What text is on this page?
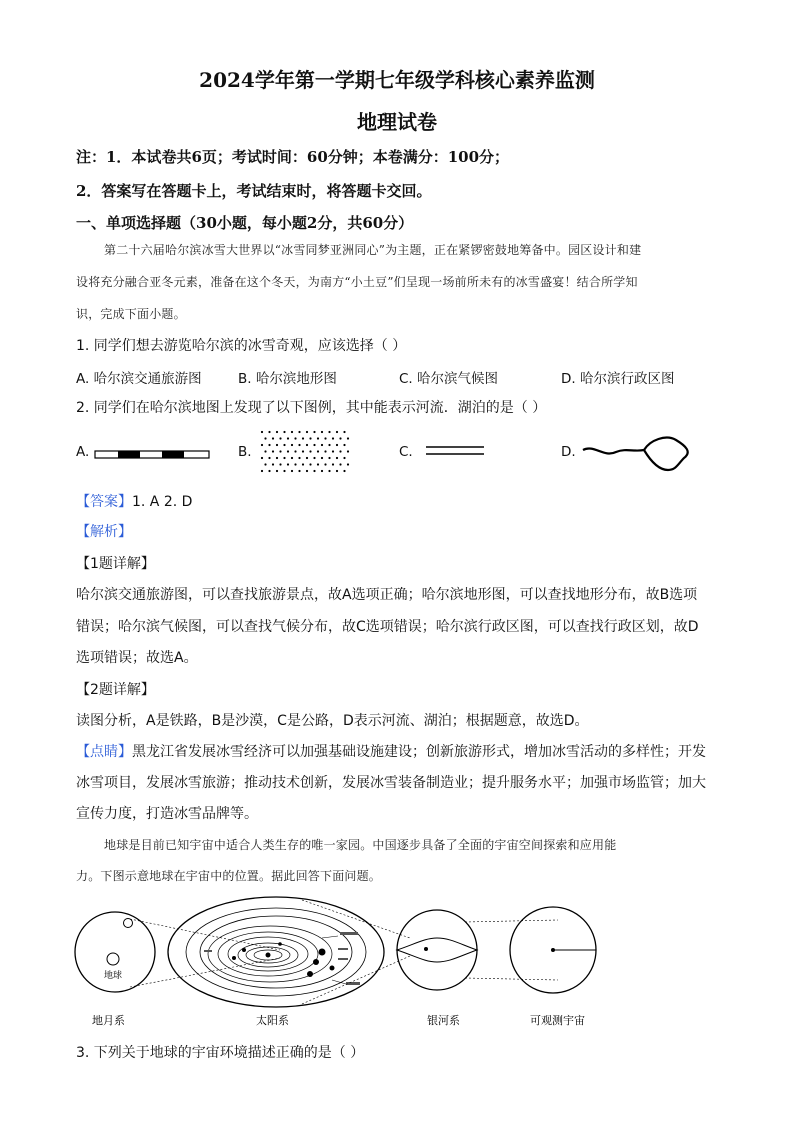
2024学年第一学期七年级学科核心素养监测
地理试卷
注：1．本试卷共6页；考试时间：60分钟；本卷满分：100分；
2．答案写在答题卡上，考试结束时，将答题卡交回。
一、单项选择题（30小题，每小题2分，共60分）
第二十六届哈尔滨冰雪大世界以“冰雪同梦亚洲同心”为主题，正在紧锣密鼓地筹备中。园区设计和建
设将充分融合亚冬元素，准备在这个冬天，为南方“小土豆”们呈现一场前所未有的冰雪盛宴！结合所学知
识，完成下面小题。
1. 同学们想去游览哈尔滨的冰雪奇观，应该选择（ ）
A. 哈尔滨交通旅游图	B. 哈尔滨地形图	C. 哈尔滨气候图	D. 哈尔滨行政区图
2. 同学们在哈尔滨地图上发现了以下图例，其中能表示河流．湖泊的是（ ）
A.	B.	C.	D.
【答案】1. A 2. D
【解析】
【1题详解】
哈尔滨交通旅游图，可以查找旅游景点，故A选项正确；哈尔滨地形图，可以查找地形分布，故B选项
错误；哈尔滨气候图，可以查找气候分布，故C选项错误；哈尔滨行政区图，可以查找行政区划，故D
选项错误；故选A。
【2题详解】
读图分析，A是铁路，B是沙漠，C是公路，D表示河流、湖泊；根据题意，故选D。
【点睛】黑龙江省发展冰雪经济可以加强基础设施建设；创新旅游形式，增加冰雪活动的多样性；开发
冰雪项目，发展冰雪旅游；推动技术创新，发展冰雪装备制造业；提升服务水平；加强市场监管；加大
宣传力度，打造冰雪品牌等。
地球是目前已知宇宙中适合人类生存的唯一家园。中国逐步具备了全面的宇宙空间探索和应用能
力。下图示意地球在宇宙中的位置。据此回答下面问题。
地球
地月系	太阳系	银河系	可观测宇宙
3. 下列关于地球的宇宙环境描述正确的是（ ）
